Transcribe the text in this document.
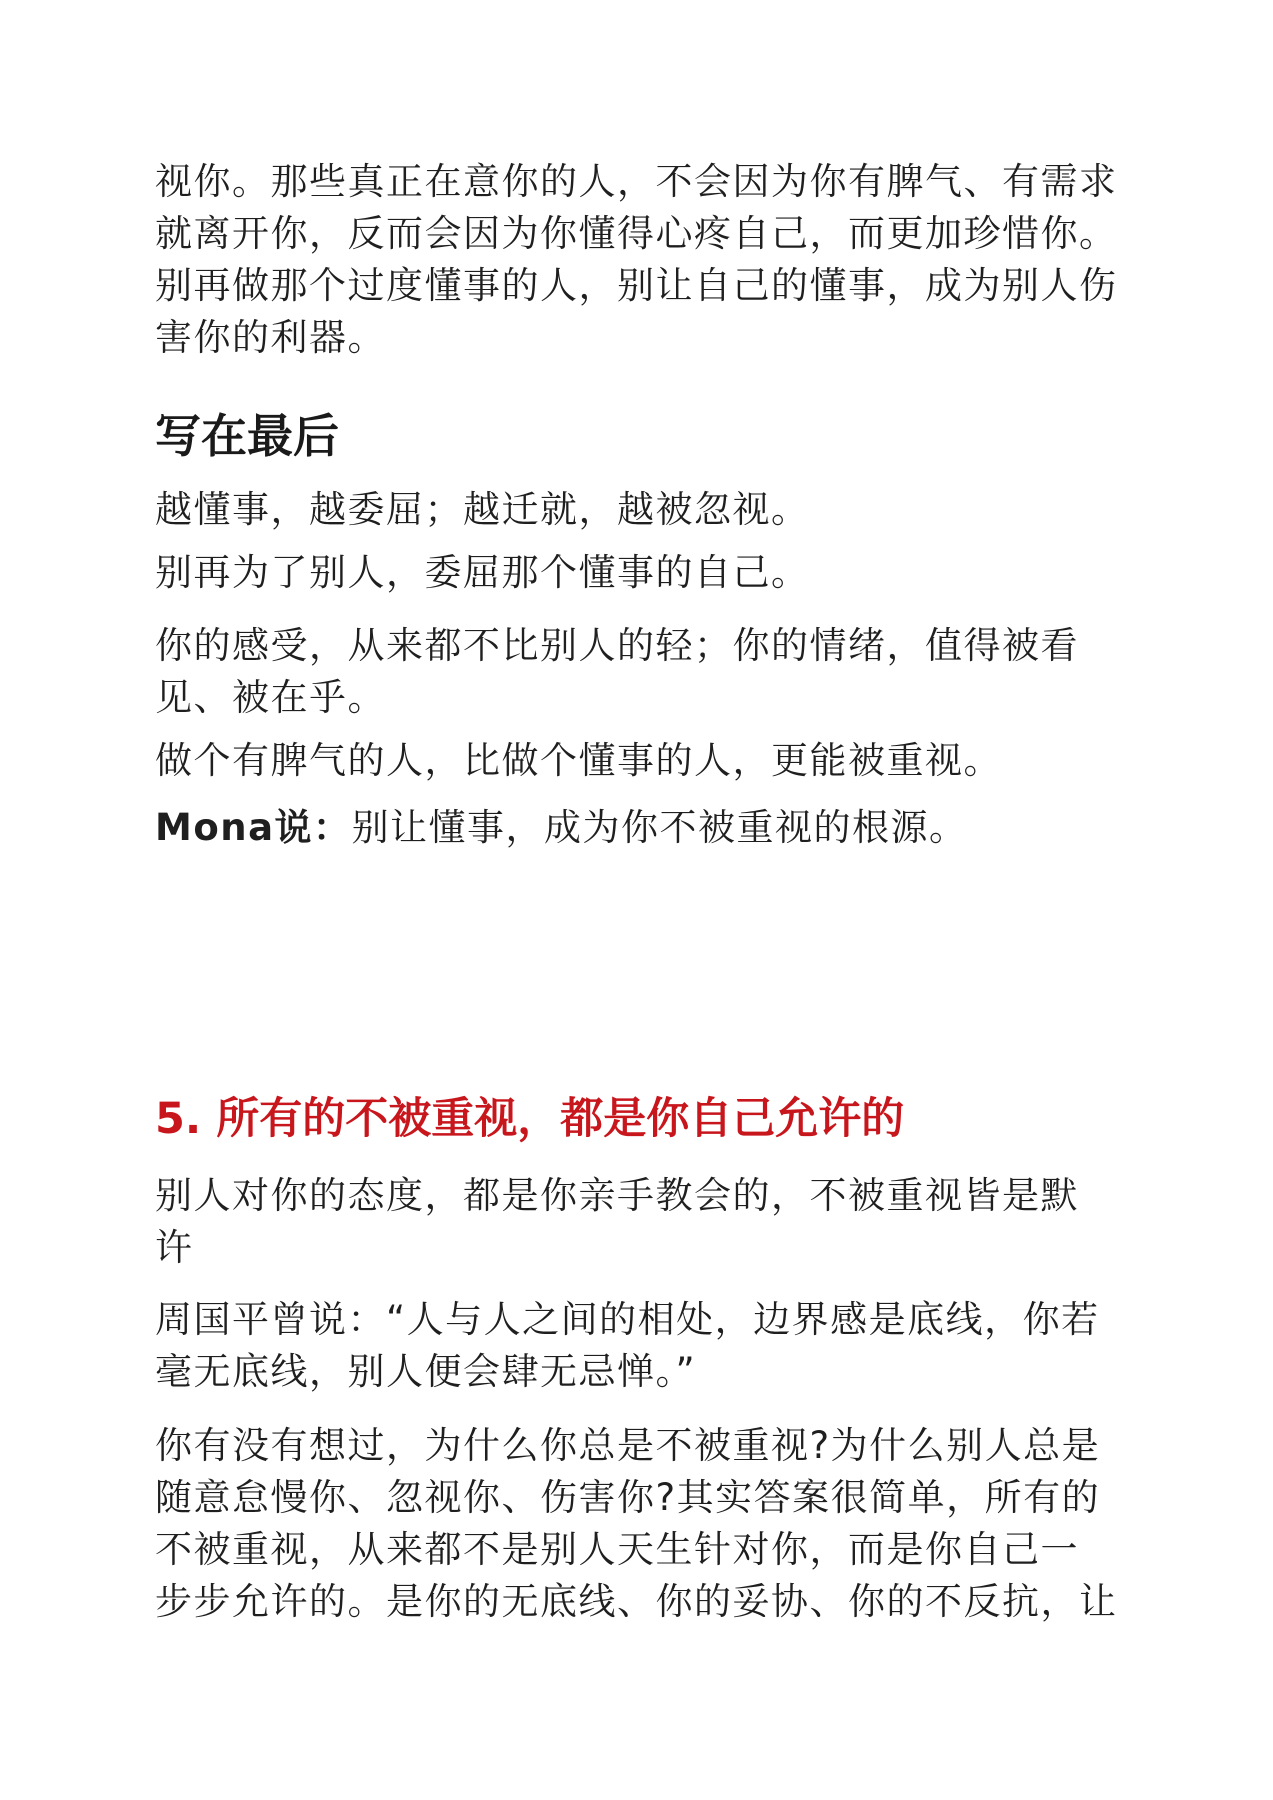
视你。那些真正在意你的人，不会因为你有脾气、有需求

就离开你，反而会因为你懂得心疼自己，而更加珍惜你。

别再做那个过度懂事的人，别让自己的懂事，成为别人伤

害你的利器。

写在最后

越懂事，越委屈；越迁就，越被忽视。

别再为了别人，委屈那个懂事的自己。

你的感受，从来都不比别人的轻；你的情绪，值得被看

见、被在乎。

做个有脾气的人，比做个懂事的人，更能被重视。

Mona说：别让懂事，成为你不被重视的根源。

5. 所有的不被重视，都是你自己允许的

别人对你的态度，都是你亲手教会的，不被重视皆是默

许

周国平曾说：“人与人之间的相处，边界感是底线，你若

毫无底线，别人便会肆无忌惮。”

你有没有想过，为什么你总是不被重视?为什么别人总是

随意怠慢你、忽视你、伤害你?其实答案很简单，所有的

不被重视，从来都不是别人天生针对你，而是你自己一

步步允许的。是你的无底线、你的妥协、你的不反抗，让
